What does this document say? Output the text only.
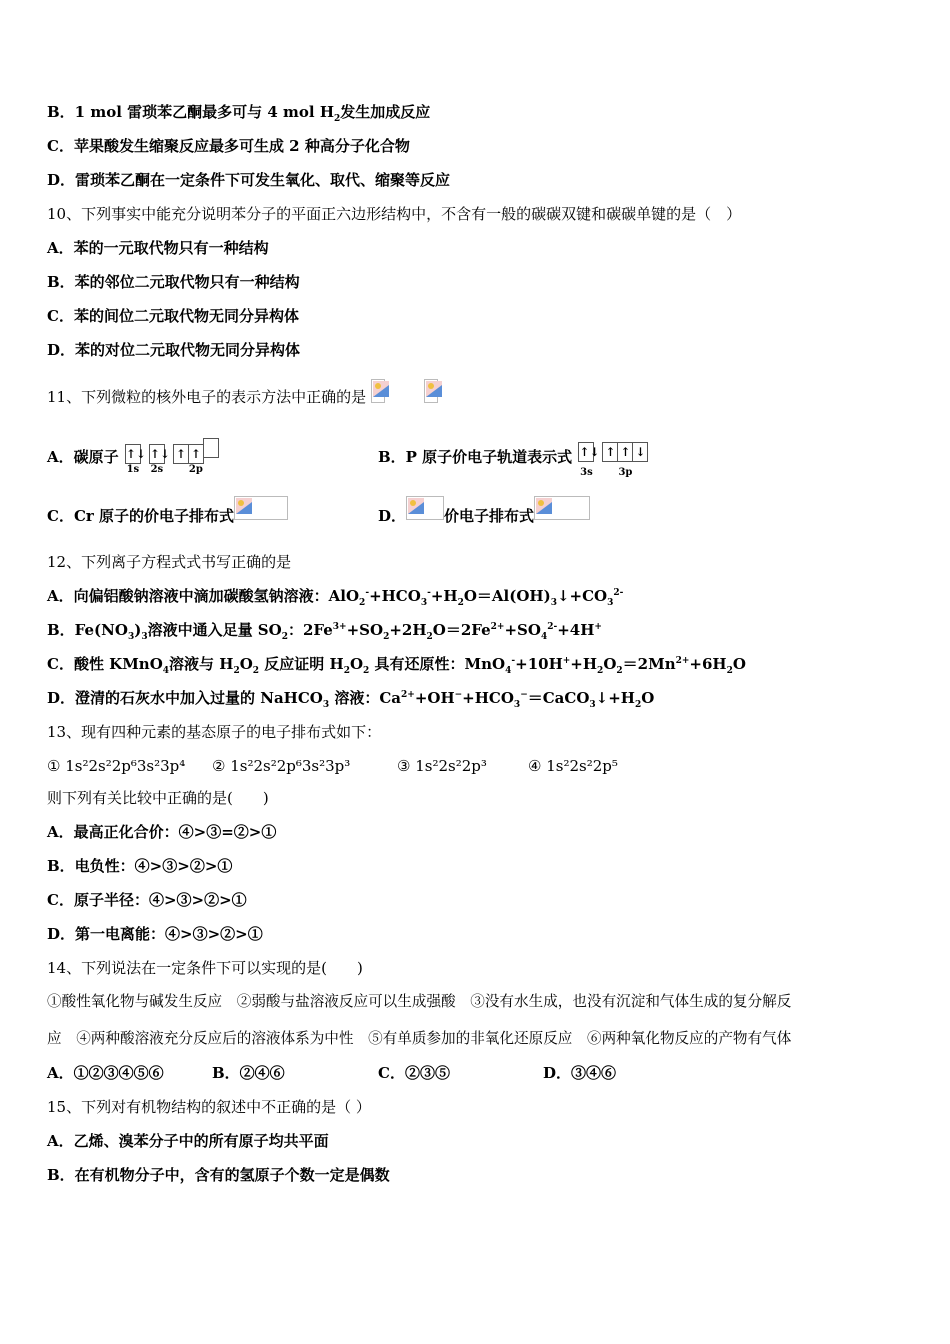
B．1 mol 雷琐苯乙酮最多可与 4 mol $H_2$发生加成反应
C．苹果酸发生缩聚反应最多可生成 2 种高分子化合物
D．雷琐苯乙酮在一定条件下可发生氧化、取代、缩聚等反应
10、下列事实中能充分说明苯分子的平面正六边形结构中，不含有一般的碳碳双键和碳碳单键的是（　）
A．苯的一元取代物只有一种结构
B．苯的邻位二元取代物只有一种结构
C．苯的间位二元取代物无同分异构体
D．苯的对位二元取代物无同分异构体
11、下列微粒的核外电子的表示方法中正确的是

A．碳原子 ↑↓ ↑↓ ↑ ↑
1s 2s	2p
B．P 原子价电子轨道表示式 ↑↓ ↑ ↑ ↓
3s	3p
C．Cr 原子的价电子排布式	D．	价电子排布式
12、下列离子方程式式书写正确的是
A．向偏铝酸钠溶液中滴加碳酸氢钠溶液：$AlO_2^-+HCO_3^-+H_2O=Al(OH)_3↓+CO_3^{2-}$
B．$Fe(NO_3)_3$溶液中通入足量 $SO_2$：$2Fe^{3+}+SO_2+2H_2O=2Fe^{2+}+SO_4^{2-}+4H^+$
C．酸性 KMnO$_4$溶液与 $H_2O_2$ 反应证明 $H_2O_2$ 具有还原性：$MnO_4^-+10H^++H_2O_2=2Mn^{2+}+6H_2O$
D．澄清的石灰水中加入过量的 NaHCO$_3$ 溶液：$Ca^{2+}+OH^-+HCO_3^-=CaCO_3↓+H_2O$
13、现有四种元素的基态原子的电子排布式如下：
① 1s²2s²2p⁶3s²3p⁴ ② 1s²2s²2p⁶3s²3p³	③ 1s²2s²2p³	④ 1s²2s²2p⁵
则下列有关比较中正确的是(　　)
A．最高正化合价：④>③=②>①
B．电负性：④>③>②>①
C．原子半径：④>③>②>①
D．第一电离能：④>③>②>①
14、下列说法在一定条件下可以实现的是(　　)
①酸性氧化物与碱发生反应　②弱酸与盐溶液反应可以生成强酸　③没有水生成，也没有沉淀和气体生成的复分解反
应　④两种酸溶液充分反应后的溶液体系为中性　⑤有单质参加的非氧化还原反应　⑥两种氧化物反应的产物有气体
A．①②③④⑤⑥	B．②④⑥	C．②③⑤	D．③④⑥
15、下列对有机物结构的叙述中不正确的是（ ）
A．乙烯、溴苯分子中的所有原子均共平面
B．在有机物分子中，含有的氢原子个数一定是偶数
